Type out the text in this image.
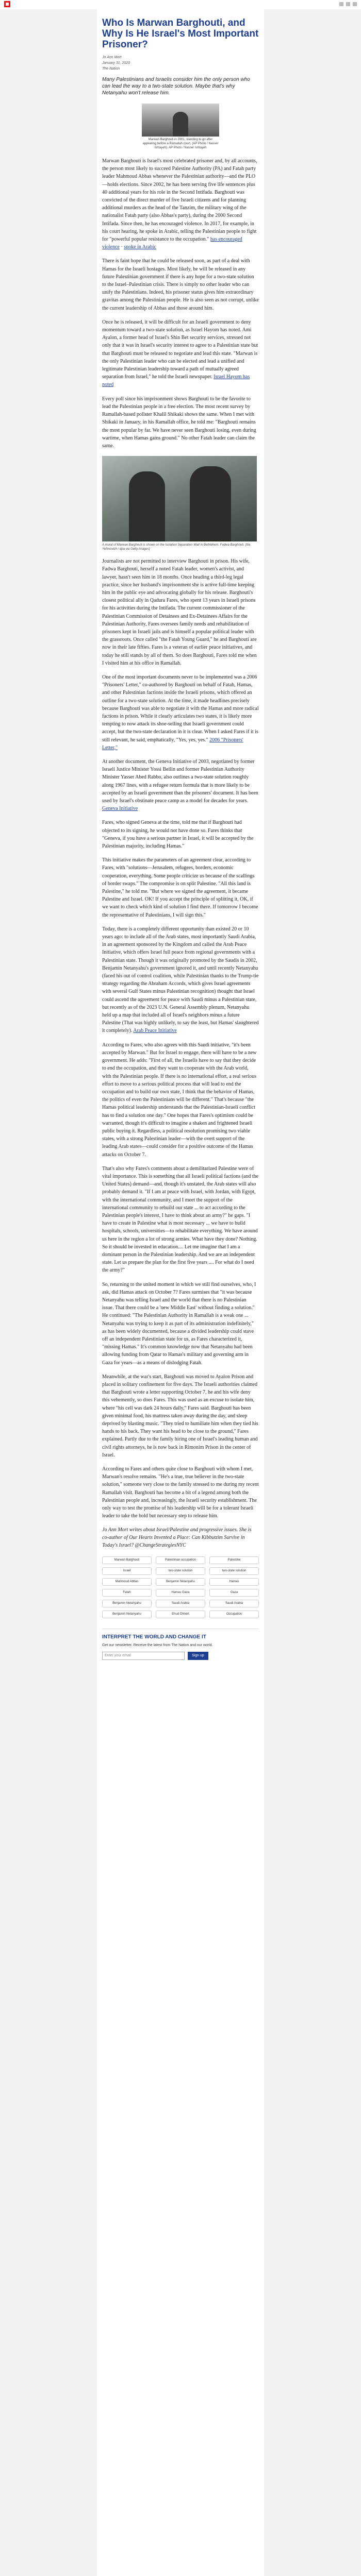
Who Is Marwan Barghouti, and Why Is He Israel's Most Important Prisoner?
Jo Ann Mort
January 31, 2020
The Nation
Many Palestinians and Israelis consider him the only person who can lead the way to a two-state solution. Maybe that's why Netanyahu won't release him.
Marwan Barghouti in 2001, standing to go after appearing before a Ramallah court. (AP Photo / Nasser Ishtayeh). AP Photo / Nasser Ishtayeh

Marwan Barghouti is Israel's most celebrated prisoner and, by all accounts, the person most likely to succeed Palestine Authority (PA) and Fatah party leader Mahmoud Abbas whenever the Palestinian authority—and the PLO—holds elections. Since 2002, he has been serving five life sentences plus 40 additional years for his role in the Second Intifada. Barghouti was convicted of the direct murder of five Israeli citizens and for planning additional murders as the head of the Tanzim, the military wing of the nationalist Fatah party (also Abbas's party), during the 2000 Second Intifada. Since then, he has encouraged violence. In 2017, for example, in his court hearing, he spoke in Arabic, telling the Palestinian people to fight for "powerful popular resistance to the occupation." has encouraged violence · spoke in Arabic

There is faint hope that he could be released soon, as part of a deal with Hamas for the Israeli hostages. Most likely, he will be released in any future Palestinian government if there is any hope for a two-state solution to the Israel–Palestinian crisis. There is simply no other leader who can unify the Palestinians. Indeed, his prisoner status gives him extraordinary gravitas among the Palestinian people. He is also seen as not corrupt, unlike the current leadership of Abbas and those around him.

Once he is released, it will be difficult for an Israeli government to deny momentum toward a two-state solution, as Israel Hayom has noted. Ami Ayalon, a former head of Israel's Shin Bet security services, stressed not only that it was in Israel's security interest to agree to a Palestinian state but that Barghouti must be released to negotiate and lead this state. "Marwan is the only Palestinian leader who can be elected and lead a unified and legitimate Palestinian leadership toward a path of mutually agreed separation from Israel," he told the Israeli newspaper. Israel Hayom has noted

Every poll since his imprisonment shows Barghouti to be the favorite to lead the Palestinian people in a free election. The most recent survey by Ramallah-based pollster Khalil Shikaki shows the same. When I met with Shikaki in January, in his Ramallah office, he told me: "Barghouti remains the most popular by far. We have never seen Barghouti losing, even during wartime, when Hamas gains ground." No other Fatah leader can claim the same.

A mural of Marwan Barghouti is shown on the Isolation Separation Wall in Bethlehem. Fadwa Barghouti. (Ilia Yefimovich / dpa via Getty Images)

Journalists are not permitted to interview Barghouti in prison. His wife, Fadwa Barghouti, herself a noted Fatah leader, women's activist, and lawyer, hasn't seen him in 18 months. Once heading a third-leg legal practice, since her husband's imprisonment she is active full-time keeping him in the public eye and advocating globally for his release. Barghouti's closest political ally in Qadura Fares, who spent 13 years in Israeli prisons for his activities during the Intifada. The current commissioner of the Palestinian Commission of Detainees and Ex-Detainees Affairs for the Palestinian Authority, Fares oversees family needs and rehabilitation of prisoners kept in Israeli jails and is himself a popular political leader with the grassroots. Once called "the Fatah Young Guard," he and Barghouti are now in their late fifties. Fares is a veteran of earlier peace initiatives, and today he still stands by all of them. So does Barghouti, Fares told me when I visited him at his office in Ramallah.

One of the most important documents never to be implemented was a 2006 "Prisoners' Letter," co-authored by Barghouti on behalf of Fatah, Hamas, and other Palestinian factions inside the Israeli prisons, which offered an outline for a two-state solution. At the time, it made headlines precisely because Barghouti was able to negotiate it with the Hamas and more radical factions in prison. While it clearly articulates two states, it is likely more tempting to now attack its shoe-selling that Israeli government could accept, but the two-state declaration in it is clear. When I asked Fares if it is still relevant, he said, emphatically, "Yes, yes, yes." 2006 "Prisoners' Letter,"

At another document, the Geneva Initiative of 2003, negotiated by former Israeli Justice Minister Yossi Beilin and former Palestinian Authority Minister Yasser Abed Rabbo, also outlines a two-state solution roughly along 1967 lines, with a refugee return formula that is more likely to be accepted by an Israeli government than the prisoners' document. It has been used by Israel's obstinate peace camp as a model for decades for years. Geneva Initiative

Fares, who signed Geneva at the time, told me that if Barghouti had objected to its signing, he would not have done so. Fares thinks that "Geneva, if you have a serious partner in Israel, it will be accepted by the Palestinian majority, including Hamas."

This initiative makes the parameters of an agreement clear, according to Fares, with "solutions—Jerusalem, refugees, borders, economic cooperation, everything. Some people criticize us because of the scallings of border swaps." The compromise is on split Palestine. "All this land is Palestine," he told me. "But where we signed the agreement, it became Palestine and Israel. OK! If you accept the principle of splitting it, OK, if we want to check which kind of solution I find there. If tomorrow I become the representative of Palestinians, I will sign this."

Today, there is a completely different opportunity than existed 20 or 10 years ago: to include all of the Arab states, most importantly Saudi Arabia, in an agreement sponsored by the Kingdom and called the Arab Peace Initiative, which offers Israel full peace from regional governments with a Palestinian state. Though it was originally promoted by the Saudis in 2002, Benjamin Netanyahu's government ignored it, and until recently Netanyahu (faced his out of control coalition, while Palestinian thanks to the Trump-tie strategy regarding the Abraham Accords, which gives Israel agreements with several Gulf States minus Palestinian recognition) thought that Israel could ascend the agreement for peace with Saudi minus a Palestinian state, but recently as of the 2023 U.N. General Assembly plenum, Netanyahu held up a map that included all of Israel's neighbors minus a future Palestine (That was highly unlikely, to say the least, but Hamas' slaughtered it completely). Arab Peace Initiative

According to Fares, who also agrees with this Saudi initiative, "it's been accepted by Marwan." But for Israel to engage, there will have to be a new government. He adds: "First of all, the Israelis have to say that they decide to end the occupation, and they want to cooperate with the Arab world, with the Palestinian people. If there is no international effort, a real serious effort to move to a serious political process that will lead to end the occupation and to build our own state, I think that the behavior of Hamas, the politics of even the Palestinians will be different." That's because "the Hamas political leadership understands that the Palestinian-Israeli conflict has to find a solution one day." One hopes that Fares's optimism could be warranted, though it's difficult to imagine a shaken and frightened Israeli public buying it. Regardless, a political resolution promising two viable states, with a strong Palestinian leader—with the overt support of the leading Arab states—could consider for a positive outcome of the Hamas attacks on October 7.

That's also why Fares's comments about a demilitarized Palestine were of vital importance. This is something that all Israeli political factions (and the United States) demand—and, though it's unstated, the Arab states will also probably demand it. "If I am at peace with Israel, with Jordan, with Egypt, with the international community, and I meet the support of the international community to rebuild our state ... to act according to the Palestinian people's interest, I have to think about an army?" he gaps. "I have to create in Palestine what is most necessary ... we have to build hospitals, schools, universities—to rehabilitate everything. We have around us here in the region a lot of strong armies. What have they done? Nothing. So it should be invested in education.... Let me imagine that I am a dominant person in the Palestinian leadership. And we are an independent state. Let us prepare the plan for the first five years .... For what do I need the army?"

So, returning to the united moment in which we still find ourselves, who, I ask, did Hamas attack on October 7? Fares surmises that "it was because Netanyahu was telling Israel and the world that there is no Palestinian issue. That there could be a 'new Middle East' without finding a solution." He continued: "The Palestinian Authority in Ramallah is a weak one ... Netanyahu was trying to keep it as part of its administration indefinitely," as has been widely documented, because a divided leadership could stave off an independent Palestinian state for us, as Fares characterized it, "missing Hamas." It's common knowledge now that Netanyahu had been allowing funding from Qatar to Hamas's military and governing arm in Gaza for years—as a means of dislodging Fatah.

Meanwhile, at the war's start, Barghouti was moved to Ayalon Prison and placed in solitary confinement for five days. The Israeli authorities claimed that Barghouti wrote a letter supporting October 7, he and his wife deny this vehemently, so does Fares. This was used as an excuse to isolate him, where "his cell was dark 24 hours daily," Fares said. Barghouti has been given minimal food, his mattress taken away during the day, and sleep deprived by blasting music. "They tried to humiliate him when they tied his hands to his back. They want his head to be close to the ground," Fares explained. Partly due to the family hiring one of Israel's leading human and civil rights attorneys, he is now back in Rimonim Prison in the center of Israel.

According to Fares and others quite close to Barghouti with whom I met, Marwan's resolve remains. "He's a true, true believer in the two-state solution," someone very close to the family stressed to me during my recent Ramallah visit. Barghouti has become a bit of a legend among both the Palestinian people and, increasingly, the Israeli security establishment. The only way to test the promise of his leadership will be for a tolerant Israeli leader to take the bold but necessary step to release him.

Jo Ann Mort writes about Israel/Palestine and progressive issues. She is co-author of Our Hearts Invented a Place: Can Kibbutzim Survive in Today's Israel? @ChangeStrategiesNYC
Marwan Barghouti	Palestinian occupation	Palestine
Israel	two-state solution	two-state solution
Mahmoud Abbas	Benjamin Netanyahu	Hamas
Fatah	Hamas Gaza	Gaza
Benjamin Netanyahu	Saudi Arabia	Saudi Arabia
Benjamin Netanyahu	Ehud Olmert	Occupation
INTERPRET THE WORLD AND CHANGE IT
Get our newsletter. Receive the latest from The Nation and our world.
Enter your email	Sign up
